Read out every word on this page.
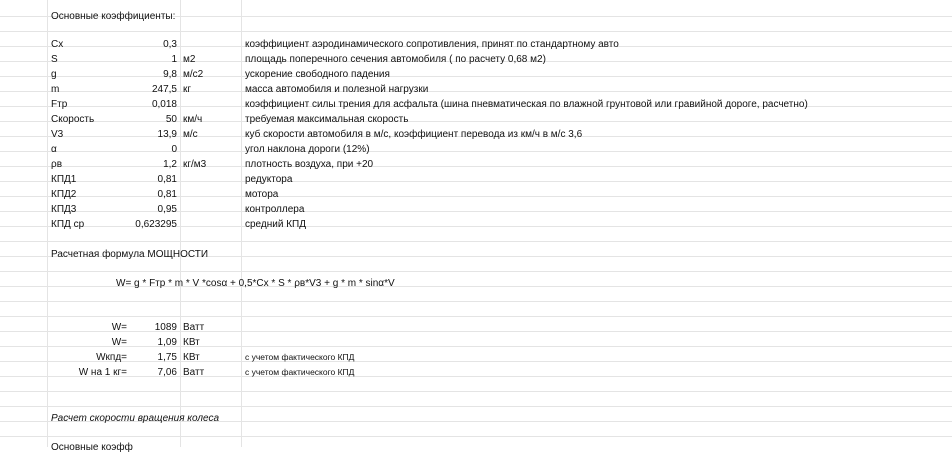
Основные коэффициенты:
Cx	0,3	коэффициент аэродинамического сопротивления, принят по стандартному авто
S	1 м2	площадь поперечного сечения автомобиля ( по расчету 0,68 м2)
g	9,8 м/с2	ускорение свободного падения
m	247,5 кг	масса автомобиля и полезной нагрузки
Fтр	0,018	коэффициент силы трения для асфальта (шина пневматическая по влажной грунтовой или гравийной дороге, расчетно)
Скорость	50 км/ч	требуемая максимальная скорость
V3	13,9 м/с	куб скорости автомобиля в м/с, коэффициент перевода из км/ч в м/с 3,6
α	0	угол наклона дороги (12%)
ρв	1,2 кг/м3	плотность воздуха, при +20
КПД1	0,81	редуктора
КПД2	0,81	мотора
КПД3	0,95	контроллера
КПД ср	0,623295	средний КПД
Расчетная формула МОЩНОСТИ
W= g * Fтр * m * V *cosα + 0,5*Cx * S * ρв*V3 + g * m * sinα*V
W=	1089 Ватт
W=	1,09 КВт
Wкпд=	1,75 КВт	с учетом фактического КПД
W на 1 кг=	7,06 Ватт	с учетом фактического КПД
Расчет скорости вращения колеса
Основные коэфф
